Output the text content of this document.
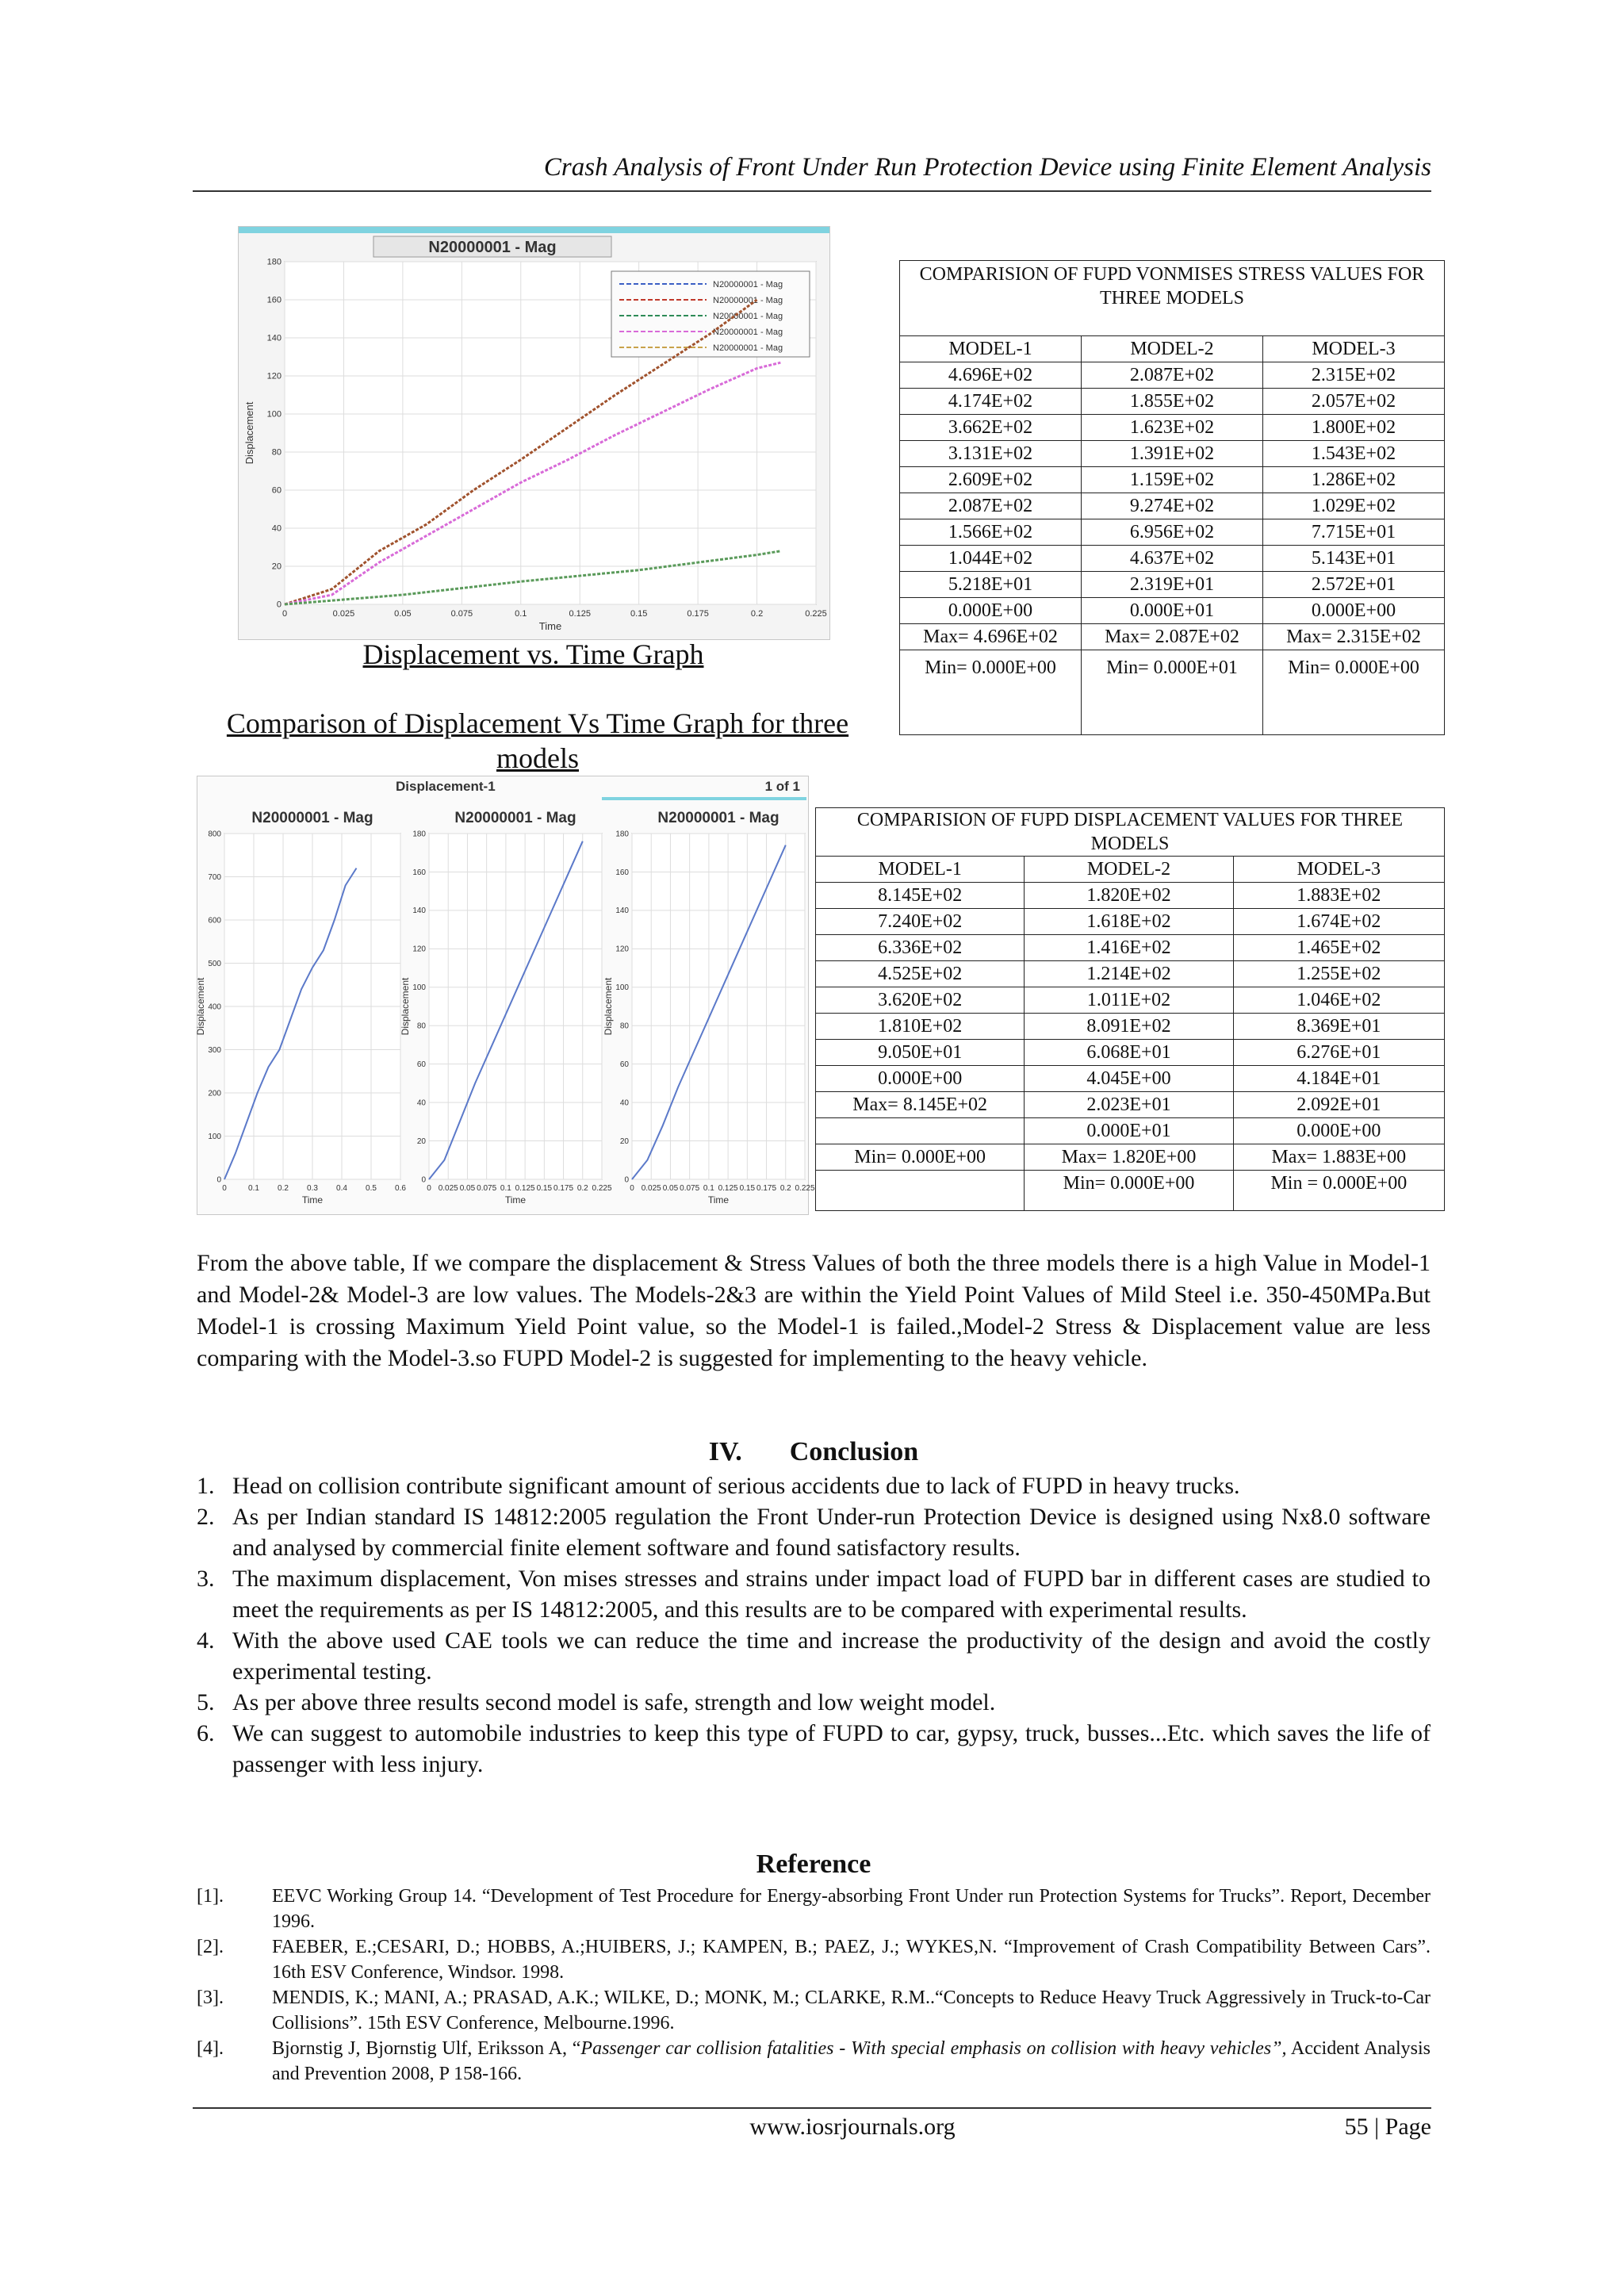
Crash Analysis of Front Under Run Protection Device using Finite Element Analysis
N20000001 - Mag
0	0.025	0.05	0.075	0.1	0.125	0.15	0.175	0.2	0.225
0
20
40
60
80
100
120
140
160
180
Time
Displacement
N20000001 - Mag
N20000001 - Mag
N20000001 - Mag
N20000001 - Mag
N20000001 - Mag
Displacement vs. Time Graph
Comparison of Displacement Vs Time Graph for three models
Displacement-1	1 of 1
N20000001 - Mag
0	0.1 0.2 0.3 0.4 0.5 0.6
0
100
200
300
400
500
600
700
800
Time
Displacement
N20000001 - Mag
0 0.025 0.05 0.075 0.1 0.125 0.15 0.175 0.2 0.225
0
20
40
60
80
100
120
140
160
180
Time
Displacement
N20000001 - Mag
0 0.025 0.05 0.075 0.1 0.125 0.15 0.175 0.2 0.225
0
20
40
60
80
100
120
140
160
180
Time
Displacement
COMPARISION OF FUPD VONMISES STRESS VALUES FOR THREE MODELS		
MODEL-1	MODEL-2	MODEL-3
4.696E+02	2.087E+02	2.315E+02
4.174E+02	1.855E+02	2.057E+02
3.662E+02	1.623E+02	1.800E+02
3.131E+02	1.391E+02	1.543E+02
2.609E+02	1.159E+02	1.286E+02
2.087E+02	9.274E+02	1.029E+02
1.566E+02	6.956E+02	7.715E+01
1.044E+02	4.637E+02	5.143E+01
5.218E+01	2.319E+01	2.572E+01
0.000E+00	0.000E+01	0.000E+00
Max= 4.696E+02	Max= 2.087E+02	Max= 2.315E+02
Min= 0.000E+00	Min= 0.000E+01	Min= 0.000E+00
COMPARISION OF FUPD DISPLACEMENT VALUES FOR THREE MODELS		
MODEL-1	MODEL-2	MODEL-3
8.145E+02	1.820E+02	1.883E+02
7.240E+02	1.618E+02	1.674E+02
6.336E+02	1.416E+02	1.465E+02
4.525E+02	1.214E+02	1.255E+02
3.620E+02	1.011E+02	1.046E+02
1.810E+02	8.091E+02	8.369E+01
9.050E+01	6.068E+01	6.276E+01
0.000E+00	4.045E+00	4.184E+01
Max= 8.145E+02	2.023E+01	2.092E+01
	0.000E+01	0.000E+00
Min= 0.000E+00	Max= 1.820E+00	Max= 1.883E+00
	Min= 0.000E+00	Min = 0.000E+00
From the above table, If we compare the displacement & Stress Values of both the three models there is a high Value in Model-1 and Model-2& Model-3 are low values. The Models-2&3 are within the Yield Point Values of Mild Steel i.e. 350-450MPa.But Model-1 is crossing Maximum Yield Point value, so the Model-1 is failed.,Model-2 Stress & Displacement value are less comparing with the Model-3.so FUPD Model-2 is suggested for implementing to the heavy vehicle.
IV. Conclusion
1. Head on collision contribute significant amount of serious accidents due to lack of FUPD in heavy trucks.
2. As per Indian standard IS 14812:2005 regulation the Front Under-run Protection Device is designed using Nx8.0 software and analysed by commercial finite element software and found satisfactory results.
3. The maximum displacement, Von mises stresses and strains under impact load of FUPD bar in different cases are studied to meet the requirements as per IS 14812:2005, and this results are to be compared with experimental results.
4. With the above used CAE tools we can reduce the time and increase the productivity of the design and avoid the costly experimental testing.
5. As per above three results second model is safe, strength and low weight model.
6. We can suggest to automobile industries to keep this type of FUPD to car, gypsy, truck, busses...Etc. which saves the life of passenger with less injury.
Reference
[1].	EEVC Working Group 14. “Development of Test Procedure for Energy-absorbing Front Under run Protection Systems for Trucks”. Report, December 1996.
[2].	FAEBER, E.;CESARI, D.; HOBBS, A.;HUIBERS, J.; KAMPEN, B.; PAEZ, J.; WYKES,N. “Improvement of Crash Compatibility Between Cars”. 16th ESV Conference, Windsor. 1998.
[3].	MENDIS, K.; MANI, A.; PRASAD, A.K.; WILKE, D.; MONK, M.; CLARKE, R.M..“Concepts to Reduce Heavy Truck Aggressively in Truck-to-Car Collisions”. 15th ESV Conference, Melbourne.1996.
[4].	Bjornstig J, Bjornstig Ulf, Eriksson A, “Passenger car collision fatalities - With special emphasis on collision with heavy vehicles”, Accident Analysis and Prevention 2008, P 158-166.
www.iosrjournals.org	55 | Page
